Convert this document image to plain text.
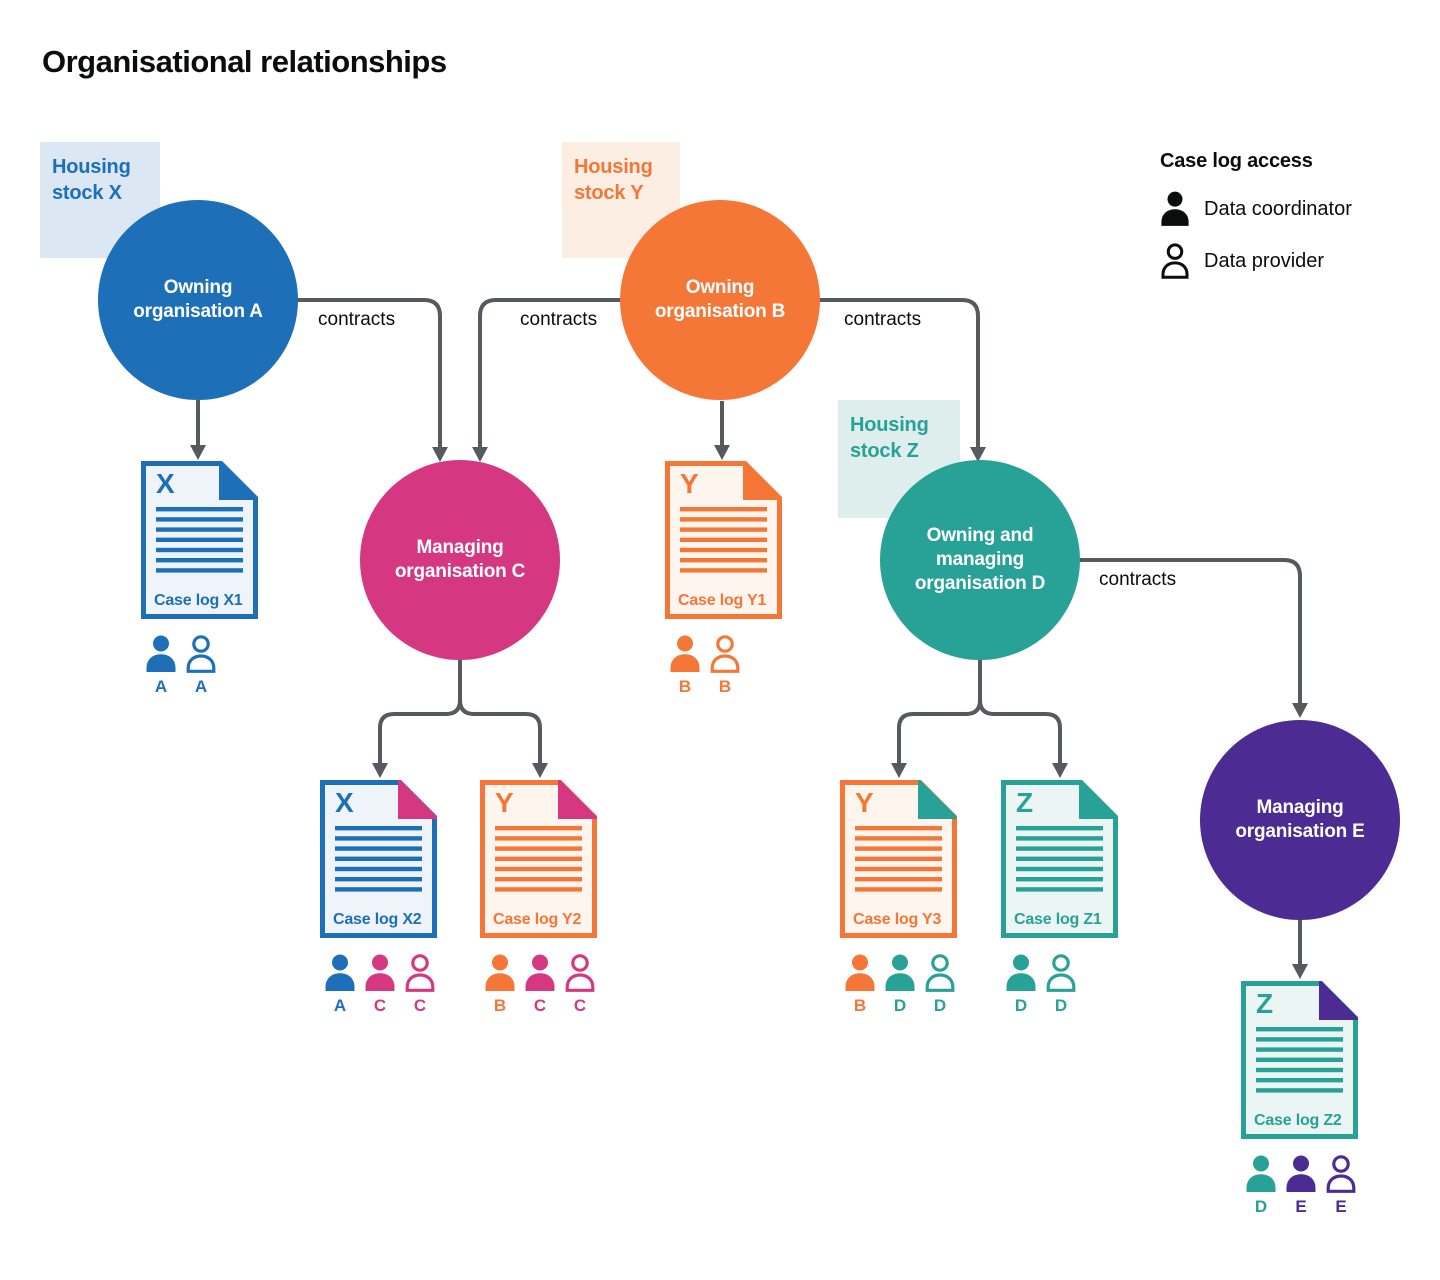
Housing stock X
Housing stock Y
Housing stock Z
Owning organisation A
Owning organisation B
Managing organisation C
Owning and managing organisation D
Managing organisation E
contracts	contracts	contracts
contracts
X
Case log X1
A A
Y
Case log Y1
B B
X
Case log X2
A C C
Y
Case log Y2
B C C
Y
Case log Y3
B D D
Z
Case log Z1
D D	Z
Case log Z2
D E E
Case log access
Data coordinator
Data provider
Organisational relationships
